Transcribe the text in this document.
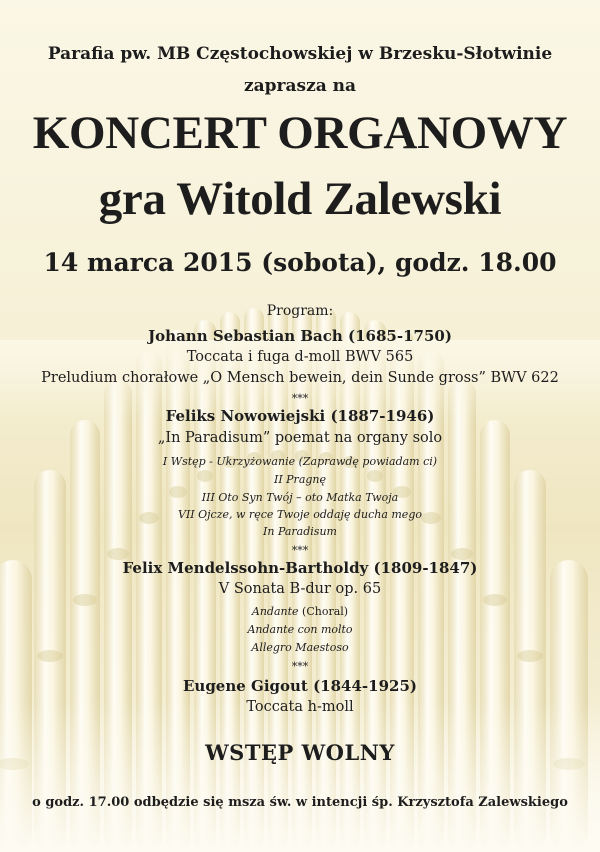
Parafia pw. MB Częstochowskiej w Brzesku-Słotwinie
zaprasza na
KONCERT ORGANOWY
gra Witold Zalewski
14 marca 2015 (sobota), godz. 18.00
Program:
Johann Sebastian Bach (1685-1750)
Toccata i fuga d-moll BWV 565
Preludium chorałowe „O Mensch bewein, dein Sunde gross” BWV 622
***
Feliks Nowowiejski (1887-1946)
„In Paradisum” poemat na organy solo
I Wstęp - Ukrzyżowanie (Zaprawdę powiadam ci)
II Pragnę
III Oto Syn Twój – oto Matka Twoja
VII Ojcze, w ręce Twoje oddaję ducha mego
In Paradisum
***
Felix Mendelssohn-Bartholdy (1809-1847)
V Sonata B-dur op. 65
Andante (Choral)
Andante con molto
Allegro Maestoso
***
Eugene Gigout (1844-1925)
Toccata h-moll
WSTĘP WOLNY
o godz. 17.00 odbędzie się msza św. w intencji śp. Krzysztofa Zalewskiego
